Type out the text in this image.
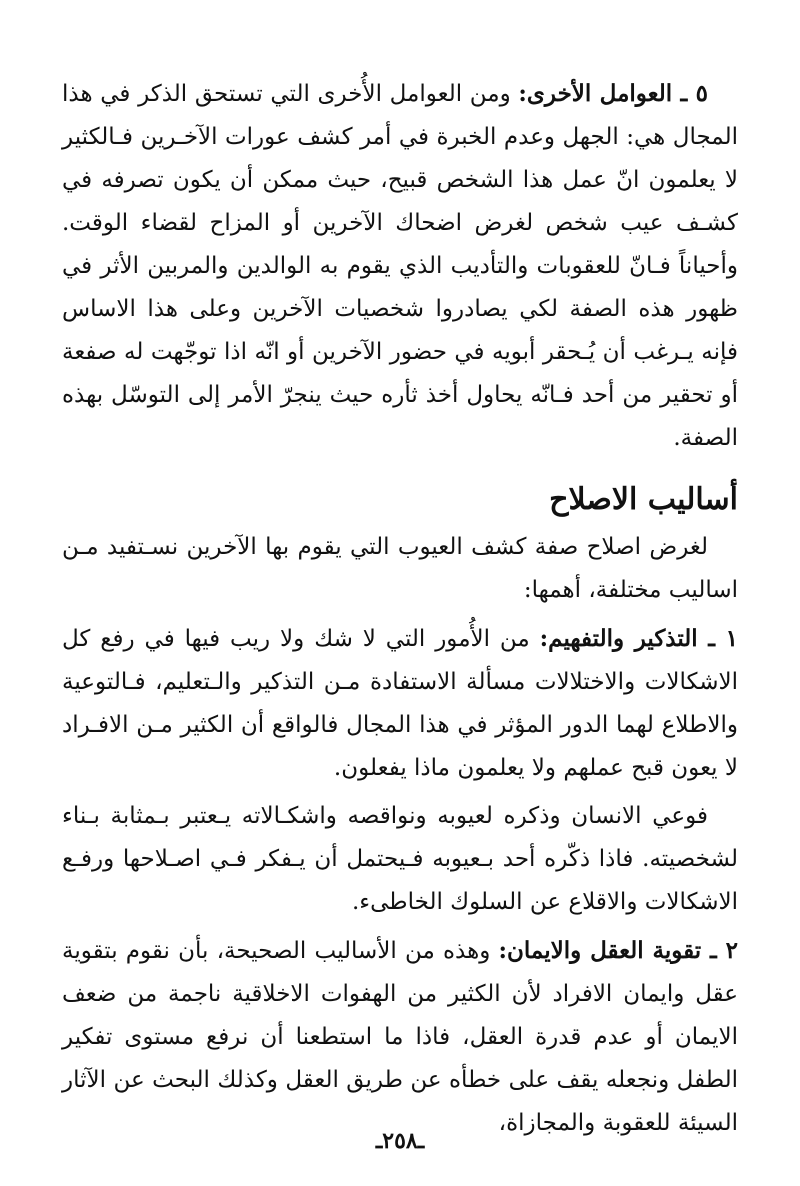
٥ ـ العوامل الأخرى: ومن العوامل الأُخرى التي تستحق الذكر في هذا المجال هي: الجهل وعدم الخبرة في أمر كشف عورات الآخـرين فـالكثير لا يعلمون انّ عمل هذا الشخص قبيح، حيث ممكن أن يكون تصرفه في كشـف عيب شخص لغرض اضحاك الآخرين أو المزاح لقضاء الوقت. وأحياناً فـانّ للعقوبات والتأديب الذي يقوم به الوالدين والمربين الأثر في ظهور هذه الصفة لكي يصادروا شخصيات الآخرين وعلى هذا الاساس فإنه يـرغب أن يُـحقر أبويه في حضور الآخرين أو انّه اذا توجّهت له صفعة أو تحقير من أحد فـانّه يحاول أخذ ثأره حيث ينجرّ الأمر إلى التوسّل بهذه الصفة.

أساليب الاصلاح

لغرض اصلاح صفة كشف العيوب التي يقوم بها الآخرين نسـتفيد مـن اساليب مختلفة، أهمها:

١ ـ التذكير والتفهيم: من الأُمور التي لا شك ولا ريب فيها في رفع كل الاشكالات والاختلالات مسألة الاستفادة مـن التذكير والـتعليم، فـالتوعية والاطلاع لهما الدور المؤثر في هذا المجال فالواقع أن الكثير مـن الافـراد لا يعون قبح عملهم ولا يعلمون ماذا يفعلون.

فوعي الانسان وذكره لعيوبه ونواقصه واشكـالاته يـعتبر بـمثابة بـناء لشخصيته. فاذا ذكّره أحد بـعيوبه فـيحتمل أن يـفكر فـي اصـلاحها ورفـع الاشكالات والاقلاع عن السلوك الخاطىء.

٢ ـ تقوية العقل والايمان: وهذه من الأساليب الصحيحة، بأن نقوم بتقوية عقل وايمان الافراد لأن الكثير من الهفوات الاخلاقية ناجمة من ضعف الايمان أو عدم قدرة العقل، فاذا ما استطعنا أن نرفع مستوى تفكير الطفل ونجعله يقف على خطأه عن طريق العقل وكذلك البحث عن الآثار السيئة للعقوبة والمجازاة،

ـ٢٥٨ـ
